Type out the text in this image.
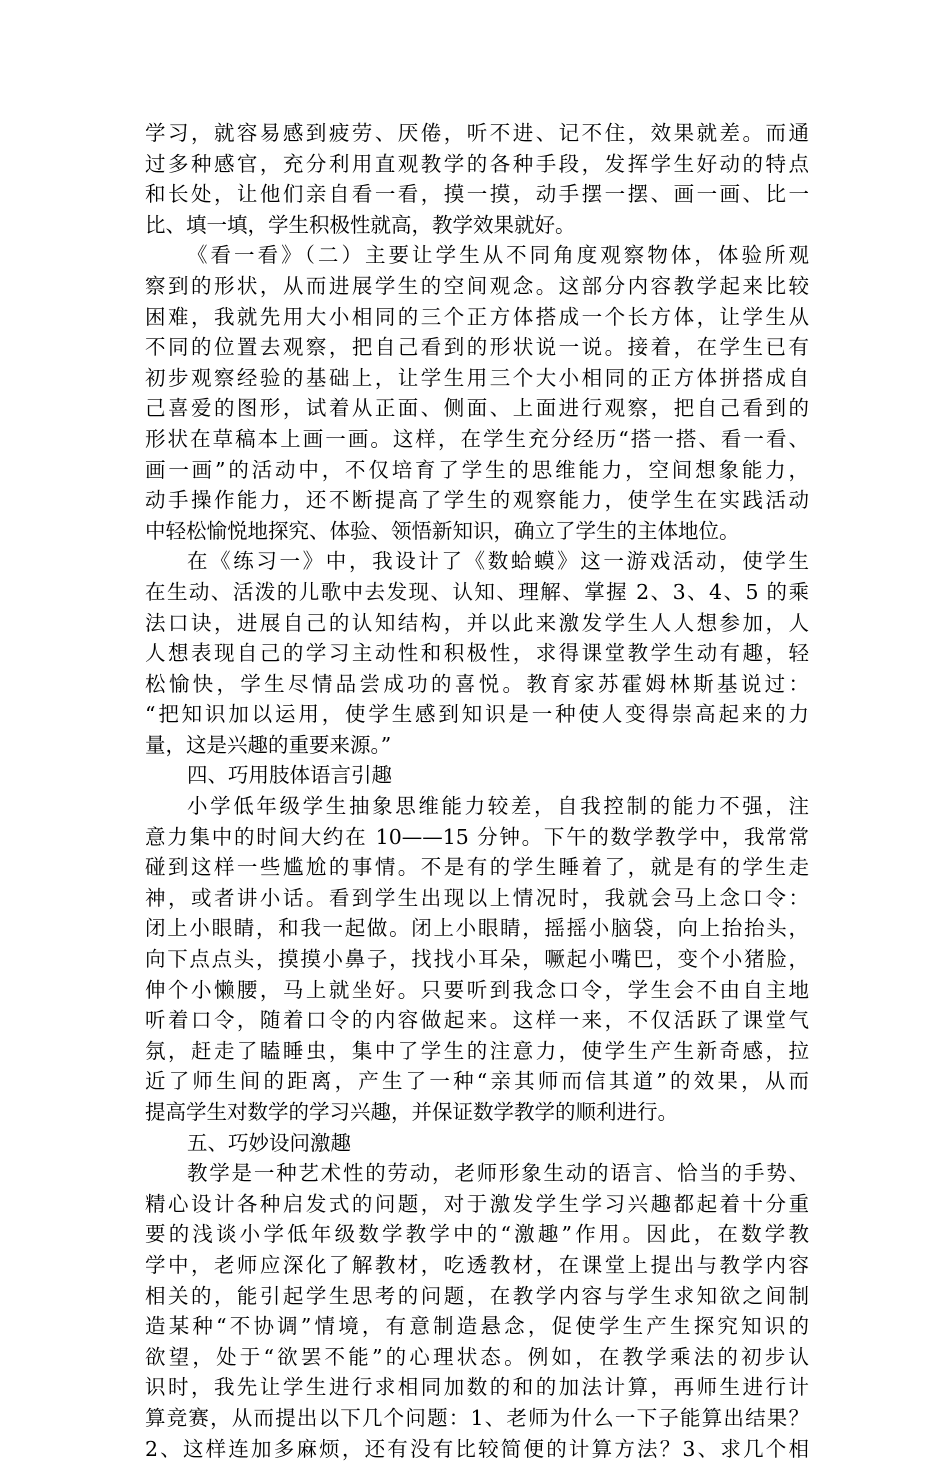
学习，就容易感到疲劳、厌倦，听不进、记不住，效果就差。而通
过多种感官，充分利用直观教学的各种手段，发挥学生好动的特点
和长处，让他们亲自看一看，摸一摸，动手摆一摆、画一画、比一
比、填一填，学生积极性就高，教学效果就好。
《看一看》（二）主要让学生从不同角度观察物体，体验所观
察到的形状，从而进展学生的空间观念。这部分内容教学起来比较
困难，我就先用大小相同的三个正方体搭成一个长方体，让学生从
不同的位置去观察，把自己看到的形状说一说。接着，在学生已有
初步观察经验的基础上，让学生用三个大小相同的正方体拼搭成自
己喜爱的图形，试着从正面、侧面、上面进行观察，把自己看到的
形状在草稿本上画一画。这样，在学生充分经历“搭一搭、看一看、
画一画”的活动中，不仅培育了学生的思维能力，空间想象能力，
动手操作能力，还不断提高了学生的观察能力，使学生在实践活动
中轻松愉悦地探究、体验、领悟新知识，确立了学生的主体地位。
在《练习一》中，我设计了《数蛤蟆》这一游戏活动，使学生
在生动、活泼的儿歌中去发现、认知、理解、掌握 2、3、4、5 的乘
法口诀，进展自己的认知结构，并以此来激发学生人人想参加，人
人想表现自己的学习主动性和积极性，求得课堂教学生动有趣，轻
松愉快，学生尽情品尝成功的喜悦。教育家苏霍姆林斯基说过：
“把知识加以运用，使学生感到知识是一种使人变得崇高起来的力
量，这是兴趣的重要来源。”
四、巧用肢体语言引趣
小学低年级学生抽象思维能力较差，自我控制的能力不强，注
意力集中的时间大约在 10——15 分钟。下午的数学教学中，我常常
碰到这样一些尴尬的事情。不是有的学生睡着了，就是有的学生走
神，或者讲小话。看到学生出现以上情况时，我就会马上念口令：
闭上小眼睛，和我一起做。闭上小眼睛，摇摇小脑袋，向上抬抬头，
向下点点头，摸摸小鼻子，找找小耳朵，噘起小嘴巴，变个小猪脸，
伸个小懒腰，马上就坐好。只要听到我念口令，学生会不由自主地
听着口令，随着口令的内容做起来。这样一来，不仅活跃了课堂气
氛，赶走了瞌睡虫，集中了学生的注意力，使学生产生新奇感，拉
近了师生间的距离，产生了一种“亲其师而信其道”的效果，从而
提高学生对数学的学习兴趣，并保证数学教学的顺利进行。
五、巧妙设问激趣
教学是一种艺术性的劳动，老师形象生动的语言、恰当的手势、
精心设计各种启发式的问题，对于激发学生学习兴趣都起着十分重
要的浅谈小学低年级数学教学中的“激趣”作用。因此，在数学教
学中，老师应深化了解教材，吃透教材，在课堂上提出与教学内容
相关的，能引起学生思考的问题，在教学内容与学生求知欲之间制
造某种“不协调”情境，有意制造悬念，促使学生产生探究知识的
欲望，处于“欲罢不能”的心理状态。例如，在教学乘法的初步认
识时，我先让学生进行求相同加数的和的加法计算，再师生进行计
算竞赛，从而提出以下几个问题：1、老师为什么一下子能算出结果？
2、这样连加多麻烦，还有没有比较简便的计算方法？3、求几个相
